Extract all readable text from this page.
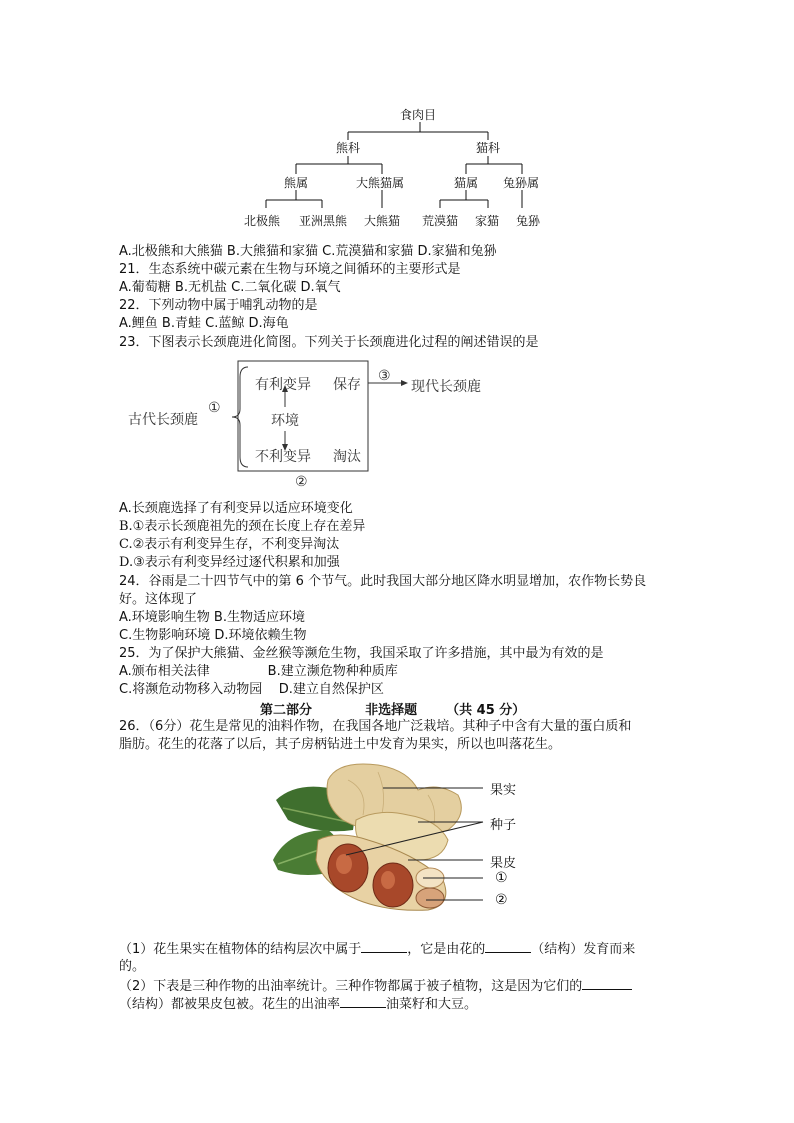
食肉目
熊科	猫科
熊属	大熊猫属	猫属 兔狲属
北极熊 亚洲黑熊 大熊猫 荒漠猫 家猫 兔狲
A.北极熊和大熊猫 B.大熊猫和家猫 C.荒漠猫和家猫 D.家猫和兔狲
21．生态系统中碳元素在生物与环境之间循环的主要形式是
A.葡萄糖 B.无机盐 C.二氧化碳 D.氧气
22．下列动物中属于哺乳动物的是
A.鲤鱼 B.青蛙 C.蓝鲸 D.海龟
23．下图表示长颈鹿进化简图。下列关于长颈鹿进化过程的阐述错误的是
古代长颈鹿
①
有利变异 保存
③
现代长颈鹿
环境
不利变异 淘汰
②
A.长颈鹿选择了有利变异以适应环境变化
B.①表示长颈鹿祖先的颈在长度上存在差异
C.②表示有利变异生存，不利变异淘汰
D.③表示有利变异经过逐代积累和加强
24．谷雨是二十四节气中的第 6 个节气。此时我国大部分地区降水明显增加，农作物长势良
好。这体现了
A.环境影响生物 B.生物适应环境
C.生物影响环境 D.环境依赖生物
25．为了保护大熊猫、金丝猴等濒危生物，我国采取了许多措施，其中最为有效的是
A.颁布相关法律              B.建立濒危物种种质库
C.将濒危动物移入动物园    D.建立自然保护区
第二部分	非选择题 （共 45 分）
26．（6分）花生是常见的油料作物，在我国各地广泛栽培。其种子中含有大量的蛋白质和
脂肪。花生的花落了以后，其子房柄钻进土中发育为果实，所以也叫落花生。
果实
种子
果皮
①
②
（1）花生果实在植物体的结构层次中属于	，它是由花的	（结构）发育而来
的。
（2）下表是三种作物的出油率统计。三种作物都属于被子植物，这是因为它们的
（结构）都被果皮包被。花生的出油率	油菜籽和大豆。
